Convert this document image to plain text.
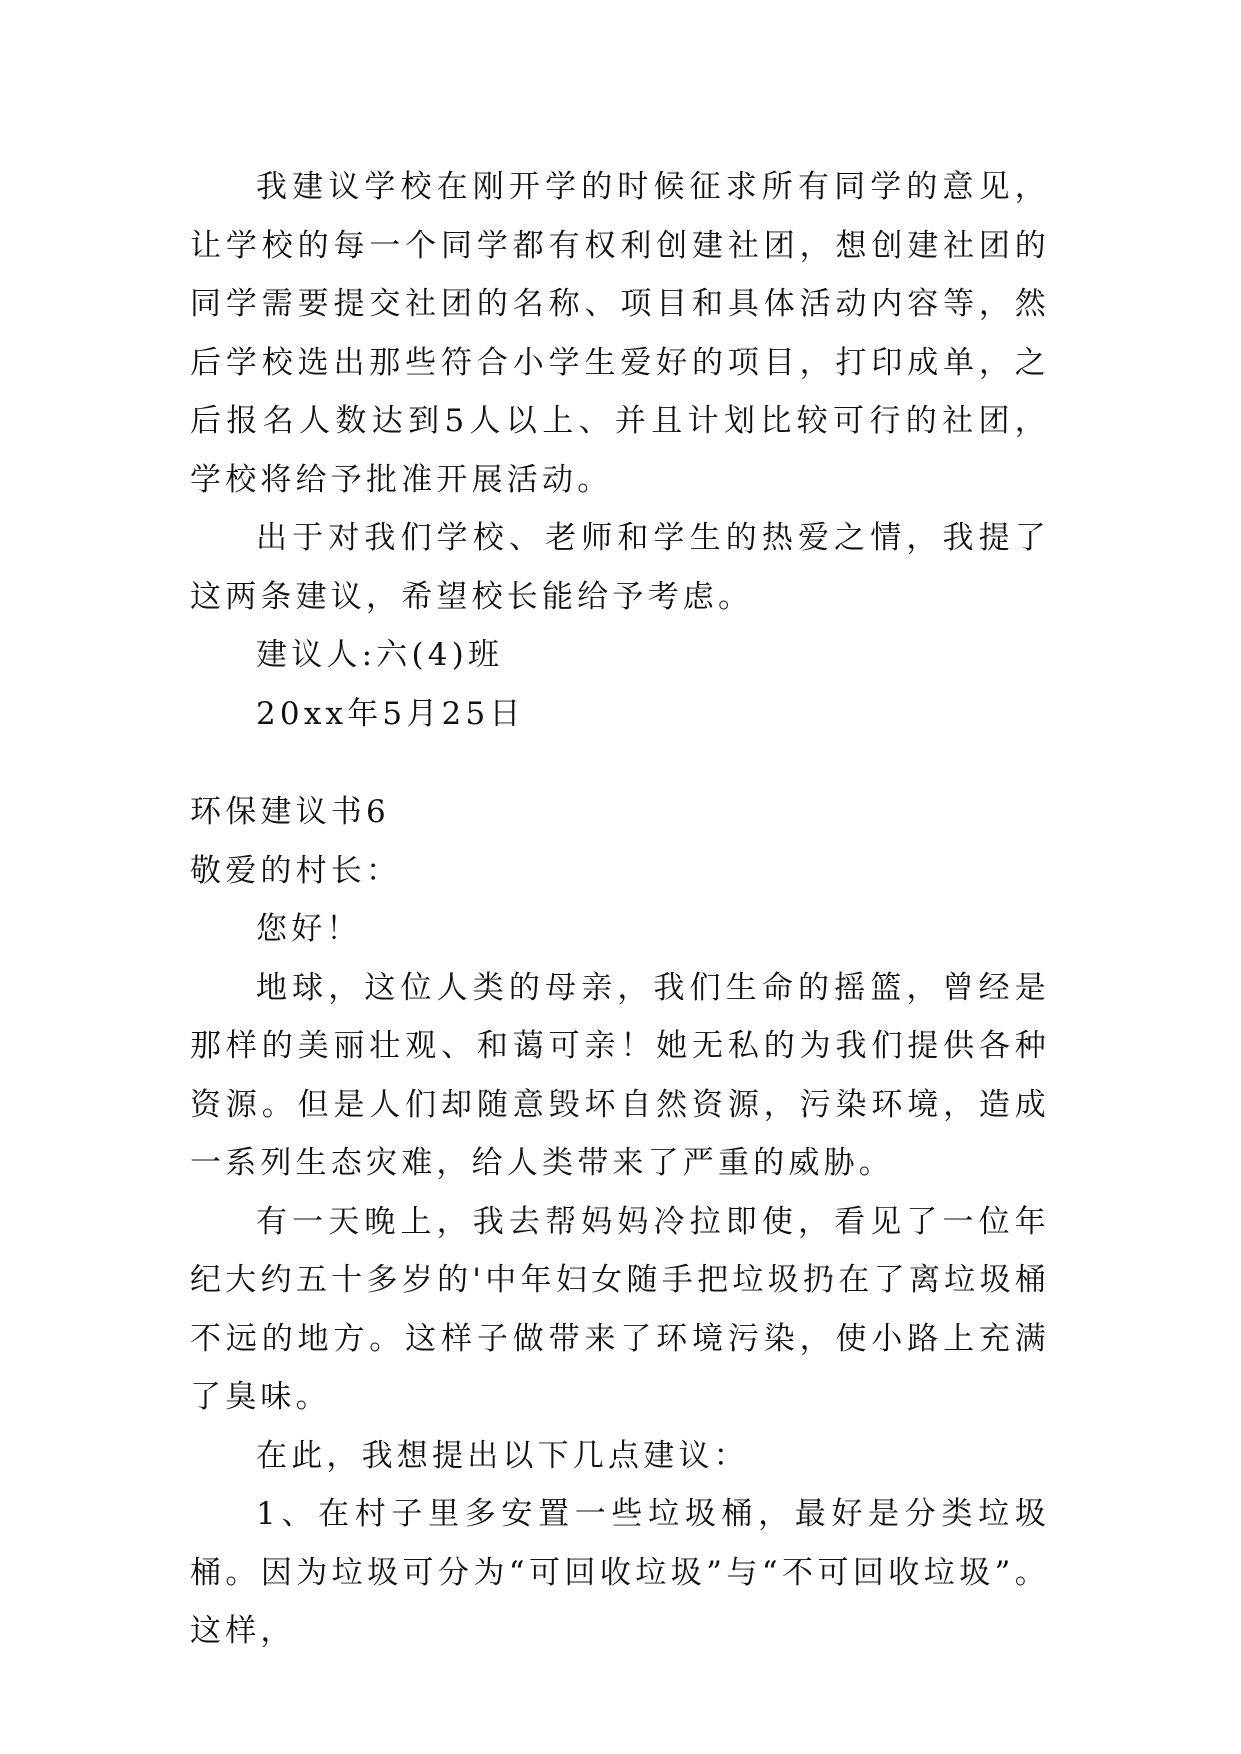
我建议学校在刚开学的时候征求所有同学的意见，让学校的每一个同学都有权利创建社团，想创建社团的同学需要提交社团的名称、项目和具体活动内容等，然后学校选出那些符合小学生爱好的项目，打印成单，之后报名人数达到5人以上、并且计划比较可行的社团，学校将给予批准开展活动。

出于对我们学校、老师和学生的热爱之情，我提了这两条建议，希望校长能给予考虑。

建议人:六(4)班

20xx年5月25日

环保建议书6

敬爱的村长：

您好！

地球，这位人类的母亲，我们生命的摇篮，曾经是那样的美丽壮观、和蔼可亲！她无私的为我们提供各种资源。但是人们却随意毁坏自然资源，污染环境，造成一系列生态灾难，给人类带来了严重的威胁。

有一天晚上，我去帮妈妈冷拉即使，看见了一位年纪大约五十多岁的'中年妇女随手把垃圾扔在了离垃圾桶不远的地方。这样子做带来了环境污染，使小路上充满了臭味。

在此，我想提出以下几点建议：

1、在村子里多安置一些垃圾桶，最好是分类垃圾桶。因为垃圾可分为“可回收垃圾”与“不可回收垃圾”。这样，
